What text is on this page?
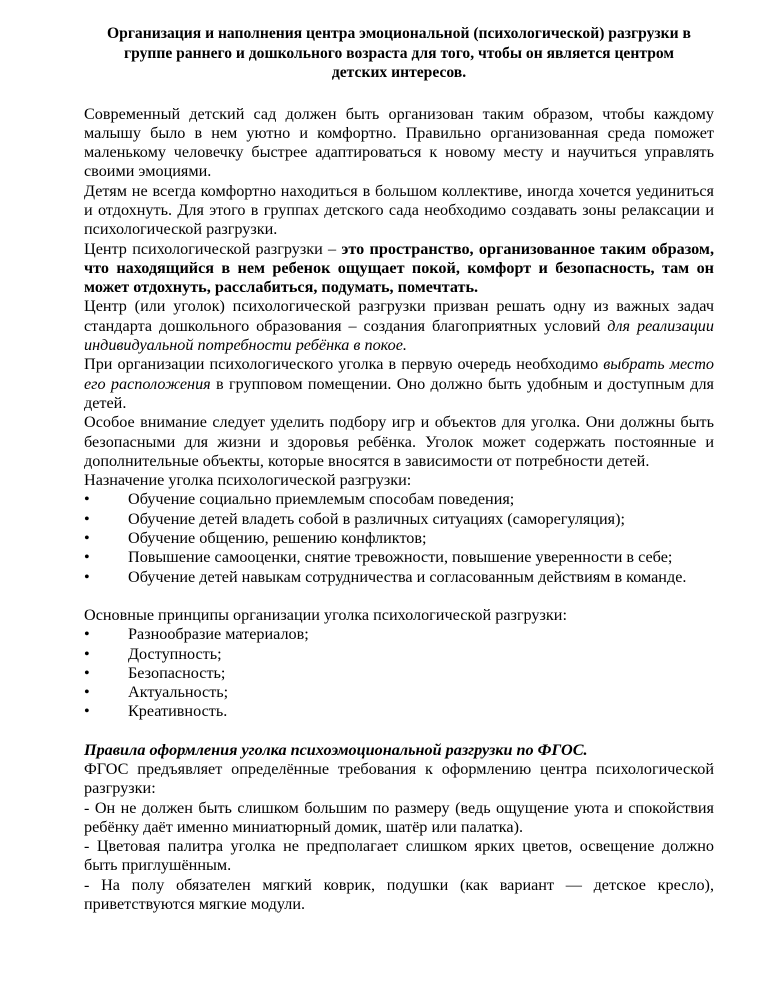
Организация и наполнения центра эмоциональной (психологической) разгрузки в группе раннего и дошкольного возраста для того, чтобы он является центром детских интересов.

Современный детский сад должен быть организован таким образом, чтобы каждому малышу было в нем уютно и комфортно. Правильно организованная среда поможет маленькому человечку быстрее адаптироваться к новому месту и научиться управлять своими эмоциями.

Детям не всегда комфортно находиться в большом коллективе, иногда хочется уединиться и отдохнуть. Для этого в группах детского сада необходимо создавать зоны релаксации и психологической разгрузки.

Центр психологической разгрузки – это пространство, организованное таким образом, что находящийся в нем ребенок ощущает покой, комфорт и безопасность, там он может отдохнуть, расслабиться, подумать, помечтать.

Центр (или уголок) психологической разгрузки призван решать одну из важных задач стандарта дошкольного образования – создания благоприятных условий для реализации индивидуальной потребности ребёнка в покое.

При организации психологического уголка в первую очередь необходимо выбрать место его расположения в групповом помещении. Оно должно быть удобным и доступным для детей.

Особое внимание следует уделить подбору игр и объектов для уголка. Они должны быть безопасными для жизни и здоровья ребёнка. Уголок может содержать постоянные и дополнительные объекты, которые вносятся в зависимости от потребности детей.

Назначение уголка психологической разгрузки:

•	Обучение социально приемлемым способам поведения;
•	Обучение детей владеть собой в различных ситуациях (саморегуляция);
•	Обучение общению, решению конфликтов;
• Повышение самооценки, снятие тревожности, повышение уверенности в себе;
• Обучение детей навыкам сотрудничества и согласованным действиям в команде.

Основные принципы организации уголка психологической разгрузки:

•	Разнообразие материалов;
•	Доступность;
•	Безопасность;
•	Актуальность;
•	Креативность.

Правила оформления уголка психоэмоциональной разгрузки по ФГОС.

ФГОС предъявляет определённые требования к оформлению центра психологической разгрузки:

- Он не должен быть слишком большим по размеру (ведь ощущение уюта и спокойствия ребёнку даёт именно миниатюрный домик, шатёр или палатка).

- Цветовая палитра уголка не предполагает слишком ярких цветов, освещение должно быть приглушённым.

- На полу обязателен мягкий коврик, подушки (как вариант — детское кресло), приветствуются мягкие модули.
